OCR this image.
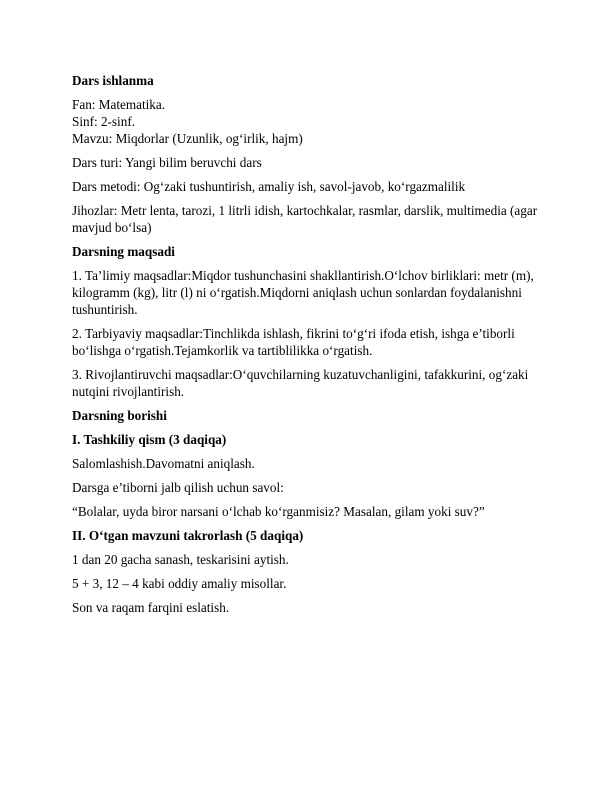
Dars ishlanma

Fan: Matematika.
Sinf: 2-sinf.
Mavzu: Miqdorlar (Uzunlik, og‘irlik, hajm)

Dars turi: Yangi bilim beruvchi dars

Dars metodi: Og‘zaki tushuntirish, amaliy ish, savol-javob, ko‘rgazmalilik

Jihozlar: Metr lenta, tarozi, 1 litrli idish, kartochkalar, rasmlar, darslik, multimedia (agar mavjud bo‘lsa)

Darsning maqsadi

1. Ta’limiy maqsadlar:Miqdor tushunchasini shakllantirish.O‘lchov birliklari: metr (m), kilogramm (kg), litr (l) ni o‘rgatish.Miqdorni aniqlash uchun sonlardan foydalanishni tushuntirish.

2. Tarbiyaviy maqsadlar:Tinchlikda ishlash, fikrini to‘g‘ri ifoda etish, ishga e’tiborli bo‘lishga o‘rgatish.Tejamkorlik va tartiblilikka o‘rgatish.

3. Rivojlantiruvchi maqsadlar:O‘quvchilarning kuzatuvchanligini, tafakkurini, og‘zaki nutqini rivojlantirish.

Darsning borishi

I. Tashkiliy qism (3 daqiqa)

Salomlashish.Davomatni aniqlash.

Darsga e’tiborni jalb qilish uchun savol:

“Bolalar, uyda biror narsani o‘lchab ko‘rganmisiz? Masalan, gilam yoki suv?”

II. O‘tgan mavzuni takrorlash (5 daqiqa)

1 dan 20 gacha sanash, teskarisini aytish.

5 + 3, 12 – 4 kabi oddiy amaliy misollar.

Son va raqam farqini eslatish.
